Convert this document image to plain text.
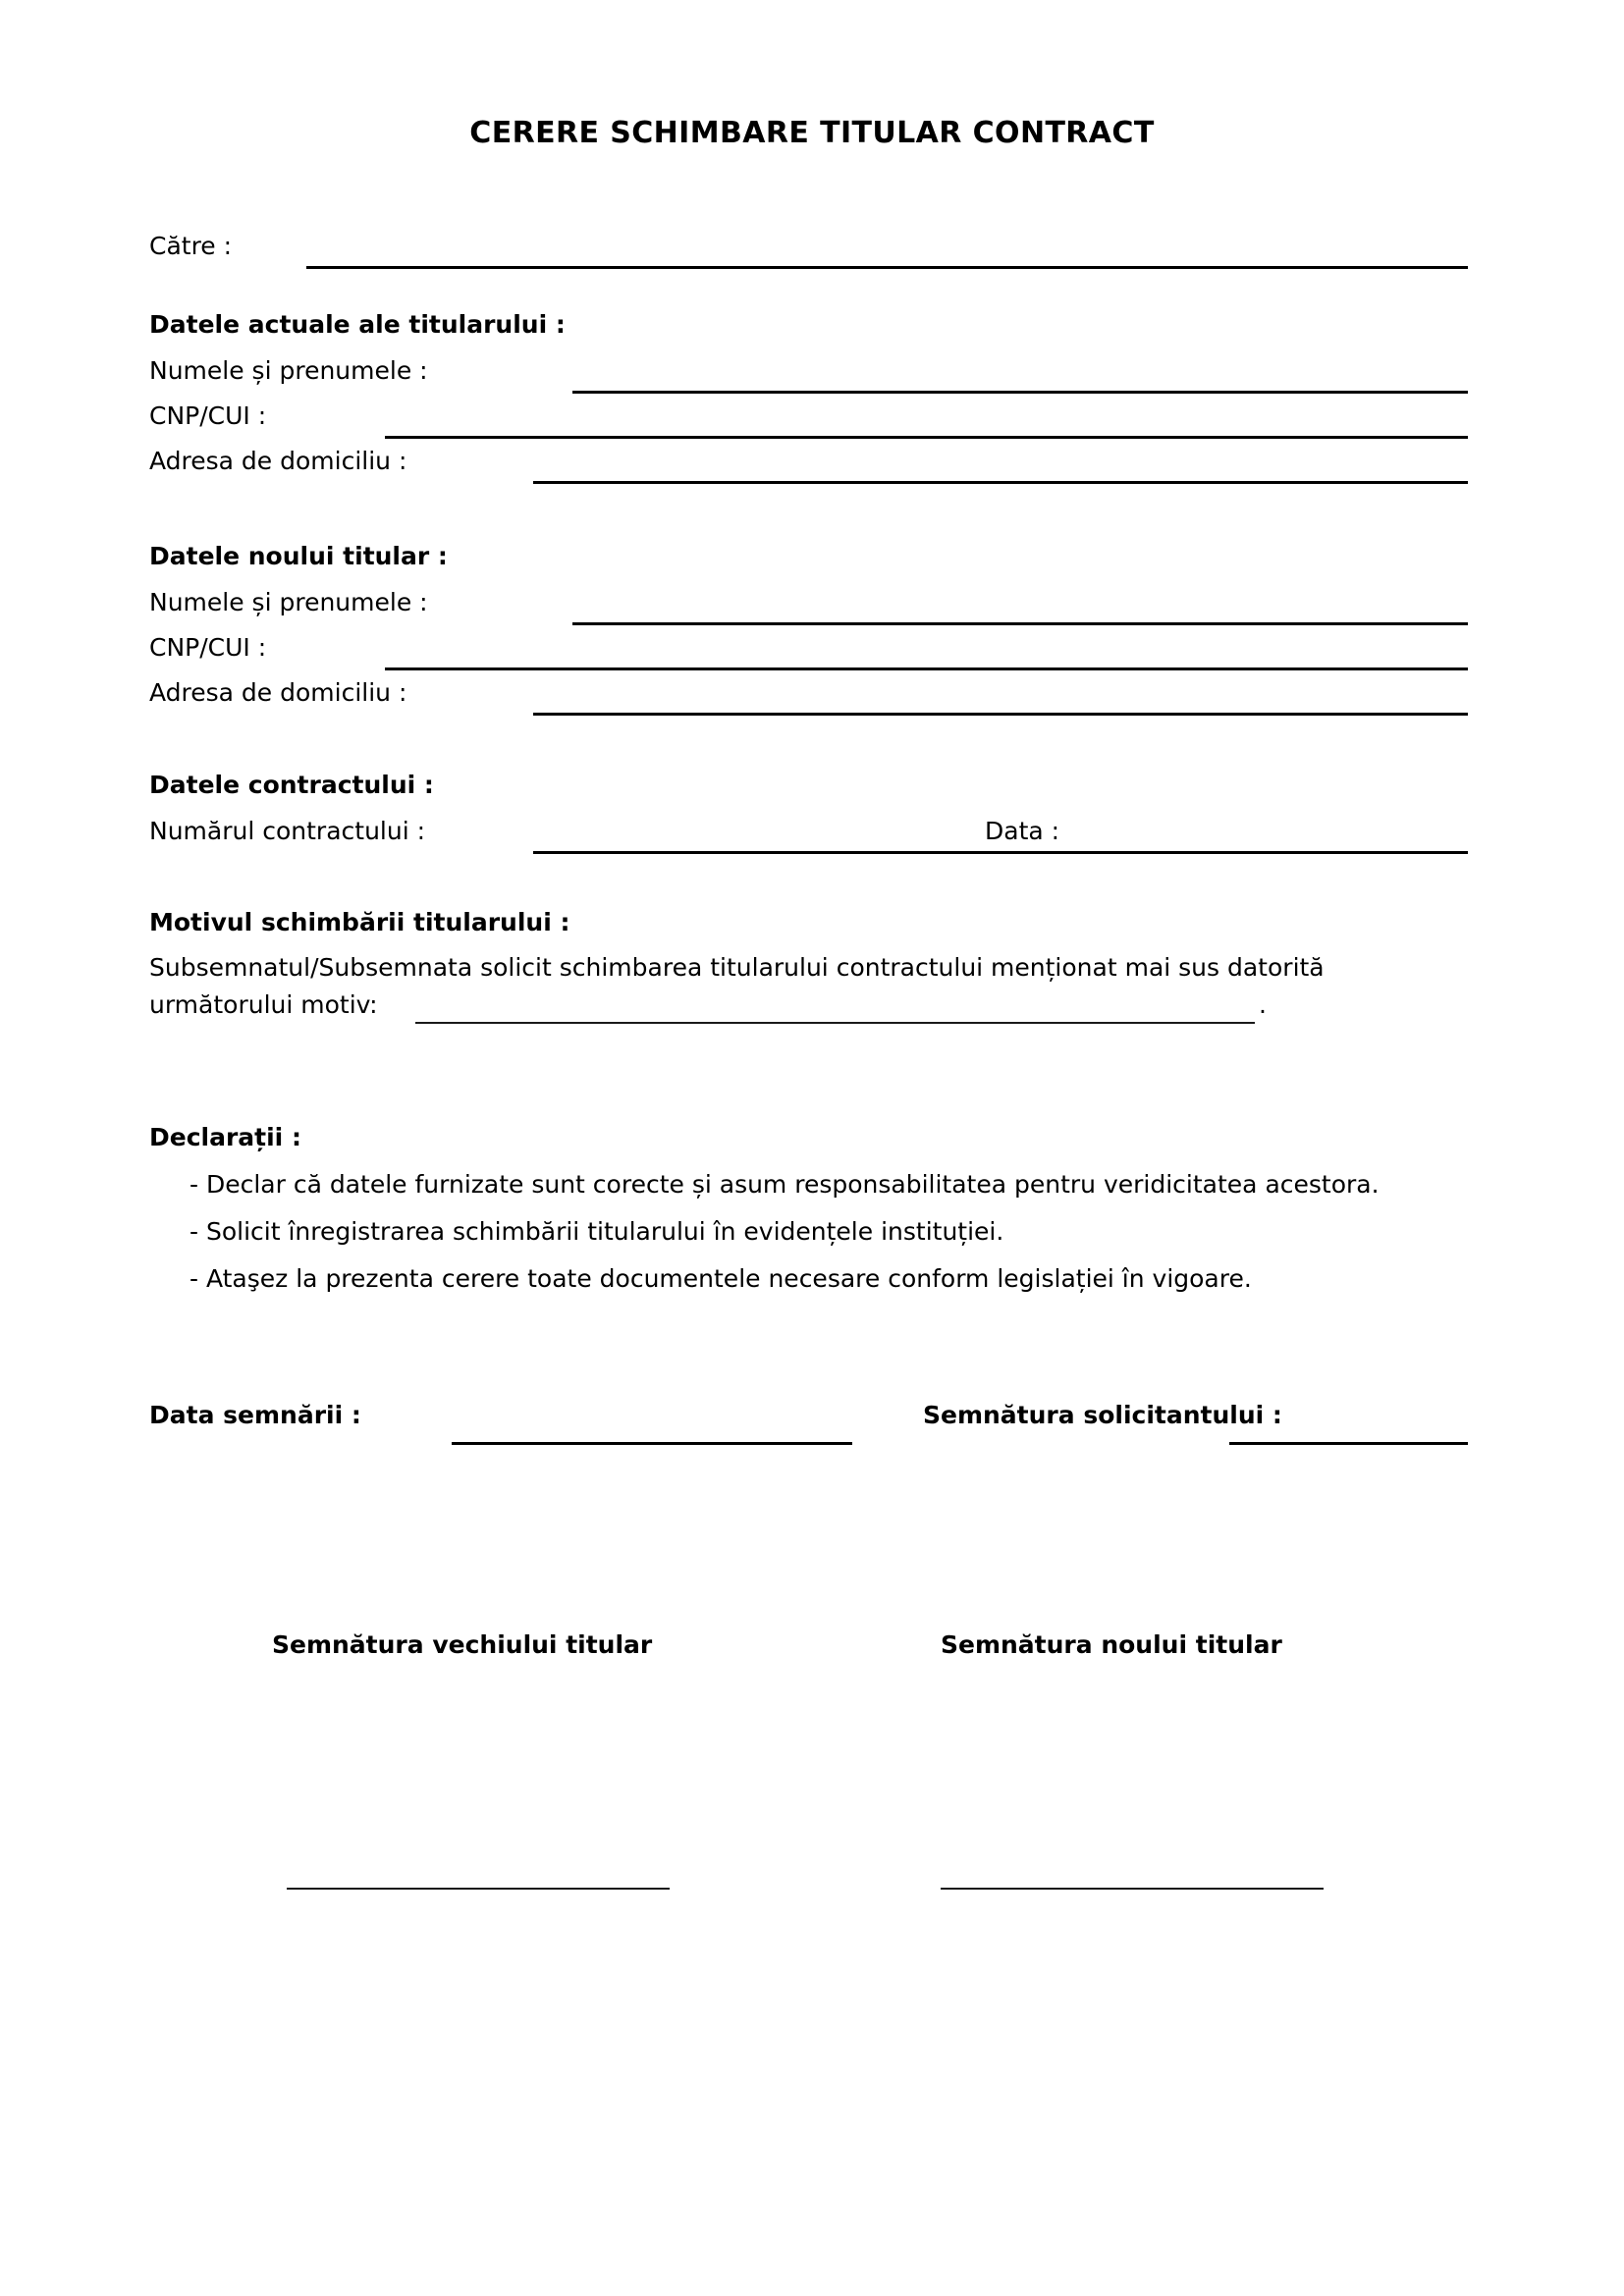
CERERE SCHIMBARE TITULAR CONTRACT
Către :
Datele actuale ale titularului :
Numele și prenumele :
CNP/CUI :
Adresa de domiciliu :
Datele noului titular :
Numele și prenumele :
CNP/CUI :
Adresa de domiciliu :
Datele contractului :
Numărul contractului :	Data :
Motivul schimbării titularului :
Subsemnatul/Subsemnata solicit schimbarea titularului contractului menționat mai sus datorită
următorului motiv:	.
Declarații :
- Declar că datele furnizate sunt corecte și asum responsabilitatea pentru veridicitatea acestora.
- Solicit înregistrarea schimbării titularului în evidențele instituției.
- Ataşez la prezenta cerere toate documentele necesare conform legislației în vigoare.
Data semnării :	Semnătura solicitantului :
Semnătura vechiului titular	Semnătura noului titular
